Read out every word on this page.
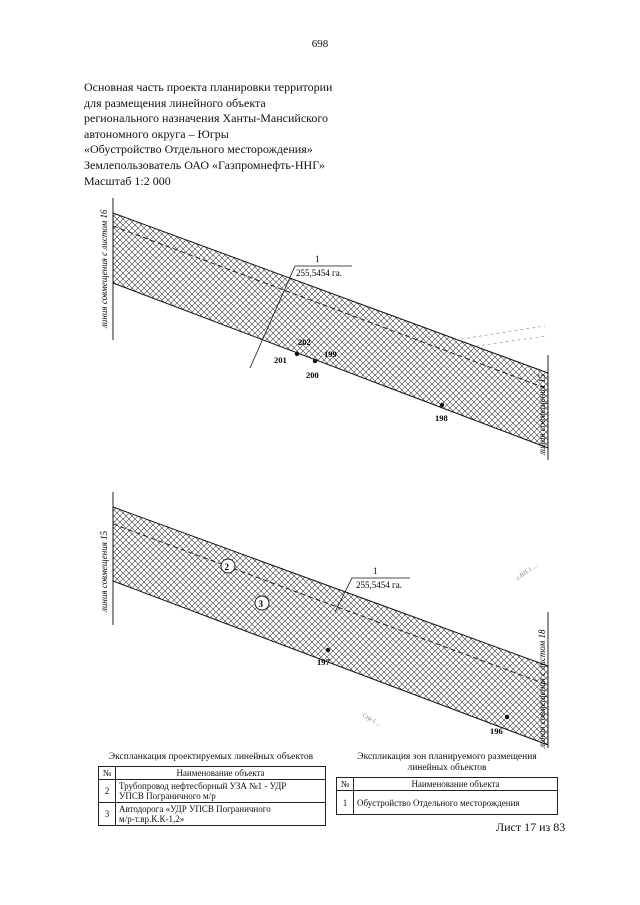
698
Основная часть проекта планировки территории
для размещения линейного объекта
регионального назначения Ханты-Мансийского
автономного округа – Югры
«Обустройство Отдельного месторождения»
Землепользователь ОАО «Газпромнефть-ННГ»
Масштаб 1:2 000
1
255,5454 га.
202
201
199
200
198
линия совмещения с листом 16
линия совмещения 15
1
255,5454 га.
2
3
197
196
с.ВП-1 ...
Стр-1 ...
линия совмещения 15
линия совмещения с листом 18
Экспланкация проектируемых линейных объектов
№	Наименование объекта
2	Трубопровод нефтесборный УЗА №1 - УДР
УПСВ Пограничного м/р

3	Автодорога «УДР УПСВ Пограничного
м/р-т.вр.К.К-1,2»
Экспликация зон планируемого размещения
линейных объектов
№	Наименование объекта
1	Обустройство Отдельного месторождения
Лист 17 из 83
